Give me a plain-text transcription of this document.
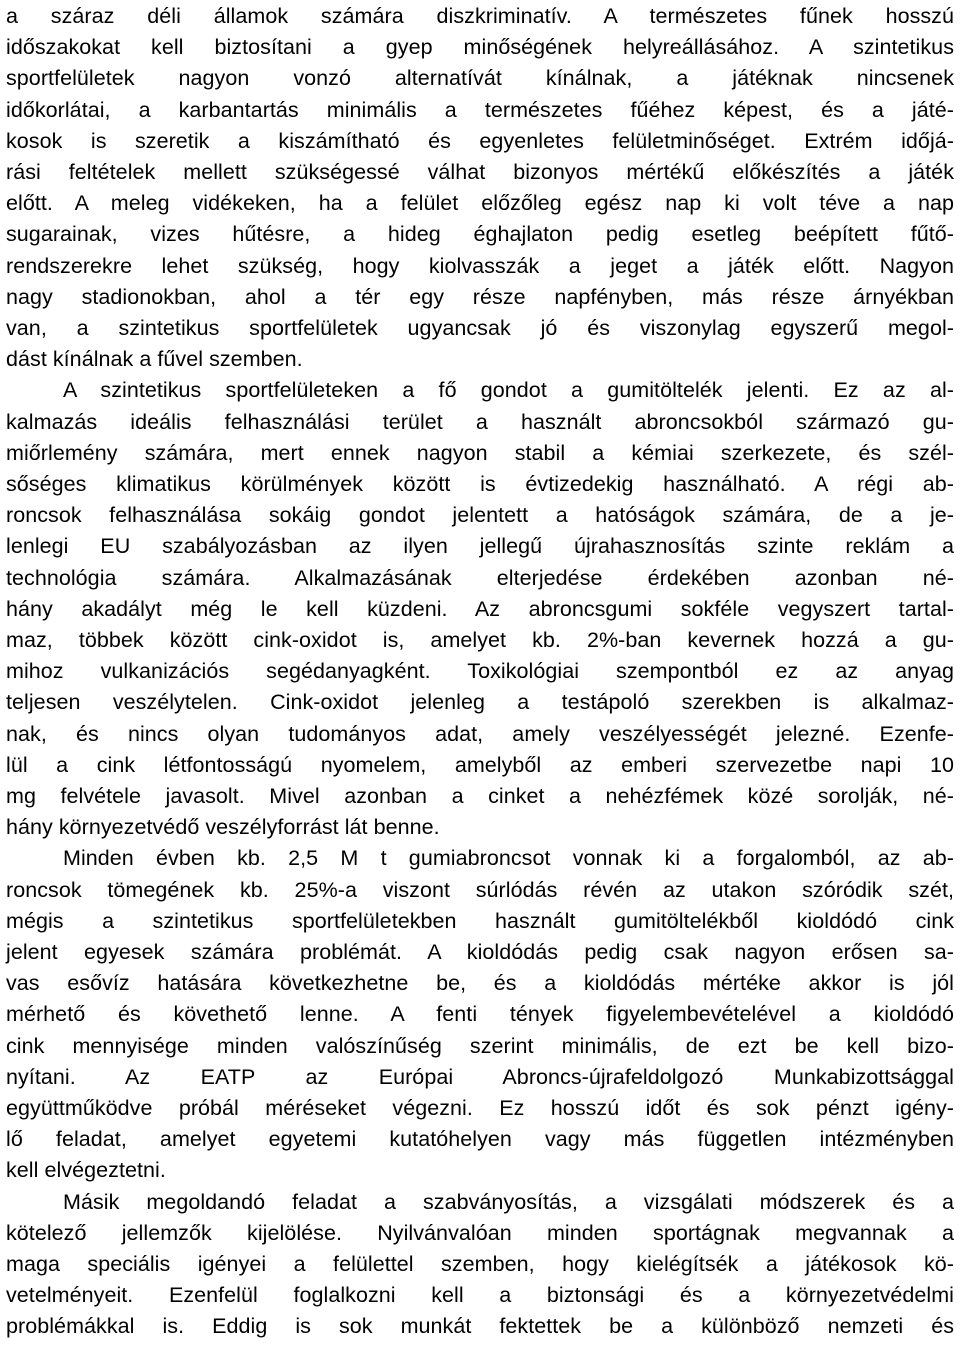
a száraz déli államok számára diszkriminatív. A természetes fűnek hosszú
időszakokat kell biztosítani a gyep minőségének helyreállásához. A szintetikus
sportfelületek nagyon vonzó alternatívát kínálnak, a játéknak nincsenek
időkorlátai, a karbantartás minimális a természetes fűéhez képest, és a játé-
kosok is szeretik a kiszámítható és egyenletes felületminőséget. Extrém időjá-
rási feltételek mellett szükségessé válhat bizonyos mértékű előkészítés a játék
előtt. A meleg vidékeken, ha a felület előzőleg egész nap ki volt téve a nap
sugarainak, vizes hűtésre, a hideg éghajlaton pedig esetleg beépített fűtő-
rendszerekre lehet szükség, hogy kiolvasszák a jeget a játék előtt. Nagyon
nagy stadionokban, ahol a tér egy része napfényben, más része árnyékban
van, a szintetikus sportfelületek ugyancsak jó és viszonylag egyszerű megol-
dást kínálnak a fűvel szemben.
A szintetikus sportfelületeken a fő gondot a gumitöltelék jelenti. Ez az al-
kalmazás ideális felhasználási terület a használt abroncsokból származó gu-
miőrlemény számára, mert ennek nagyon stabil a kémiai szerkezete, és szél-
sőséges klimatikus körülmények között is évtizedekig használható. A régi ab-
roncsok felhasználása sokáig gondot jelentett a hatóságok számára, de a je-
lenlegi EU szabályozásban az ilyen jellegű újrahasznosítás szinte reklám a
technológia számára. Alkalmazásának elterjedése érdekében azonban né-
hány akadályt még le kell küzdeni. Az abroncsgumi sokféle vegyszert tartal-
maz, többek között cink-oxidot is, amelyet kb. 2%-ban kevernek hozzá a gu-
mihoz vulkanizációs segédanyagként. Toxikológiai szempontból ez az anyag
teljesen veszélytelen. Cink-oxidot jelenleg a testápoló szerekben is alkalmaz-
nak, és nincs olyan tudományos adat, amely veszélyességét jelezné. Ezenfe-
lül a cink létfontosságú nyomelem, amelyből az emberi szervezetbe napi 10
mg felvétele javasolt. Mivel azonban a cinket a nehézfémek közé sorolják, né-
hány környezetvédő veszélyforrást lát benne.
Minden évben kb. 2,5 M t gumiabroncsot vonnak ki a forgalomból, az ab-
roncsok tömegének kb. 25%-a viszont súrlódás révén az utakon szóródik szét,
mégis a szintetikus sportfelületekben használt gumitöltelékből kioldódó cink
jelent egyesek számára problémát. A kioldódás pedig csak nagyon erősen sa-
vas esővíz hatására következhetne be, és a kioldódás mértéke akkor is jól
mérhető és követhető lenne. A fenti tények figyelembevételével a kioldódó
cink mennyisége minden valószínűség szerint minimális, de ezt be kell bizo-
nyítani. Az EATP az Európai Abroncs-újrafeldolgozó Munkabizottsággal
együttműködve próbál méréseket végezni. Ez hosszú időt és sok pénzt igény-
lő feladat, amelyet egyetemi kutatóhelyen vagy más független intézményben
kell elvégeztetni.
Másik megoldandó feladat a szabványosítás, a vizsgálati módszerek és a
kötelező jellemzők kijelölése. Nyilvánvalóan minden sportágnak megvannak a
maga speciális igényei a felülettel szemben, hogy kielégítsék a játékosok kö-
vetelményeit. Ezenfelül foglalkozni kell a biztonsági és a környezetvédelmi
problémákkal is. Eddig is sok munkát fektettek be a különböző nemzeti és
